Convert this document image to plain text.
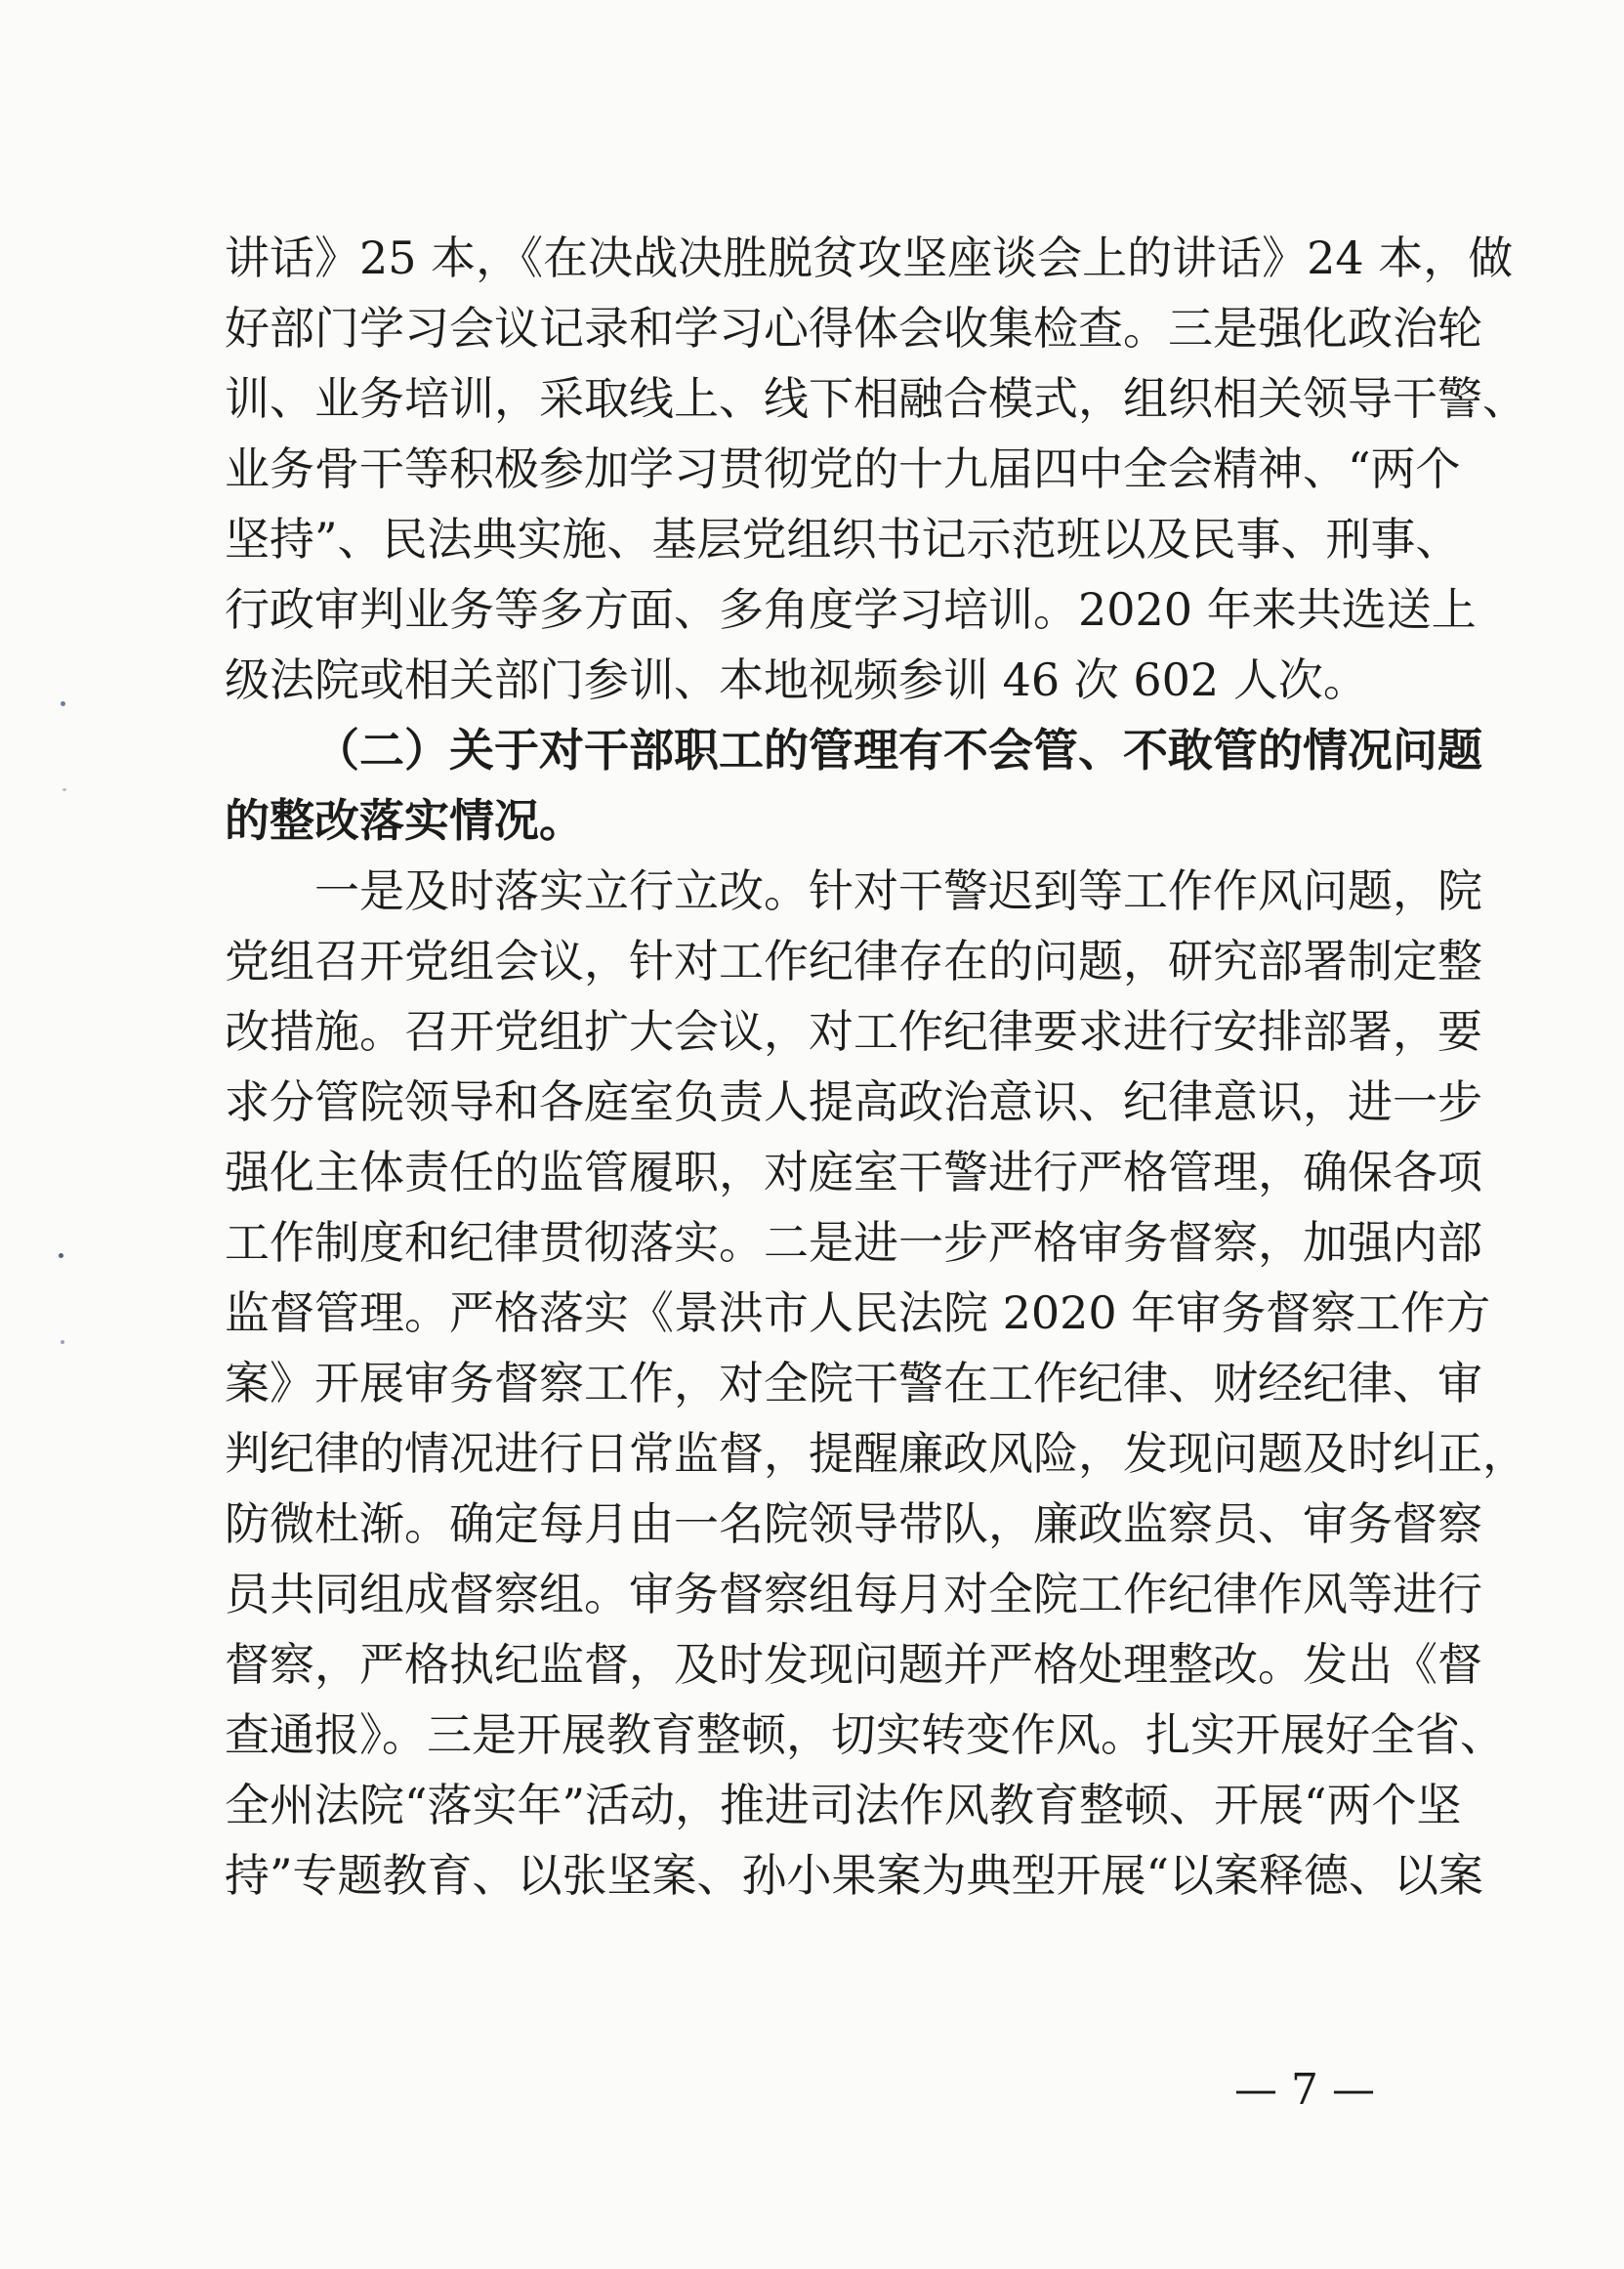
讲话》25 本，《在决战决胜脱贫攻坚座谈会上的讲话》24 本，做
好部门学习会议记录和学习心得体会收集检查。三是强化政治轮
训、业务培训，采取线上、线下相融合模式，组织相关领导干警、
业务骨干等积极参加学习贯彻党的十九届四中全会精神、“两个
坚持”、民法典实施、基层党组织书记示范班以及民事、刑事、
行政审判业务等多方面、多角度学习培训。2020 年来共选送上
级法院或相关部门参训、本地视频参训 46 次 602 人次。
（二）关于对干部职工的管理有不会管、不敢管的情况问题
的整改落实情况。
一是及时落实立行立改。针对干警迟到等工作作风问题，院
党组召开党组会议，针对工作纪律存在的问题，研究部署制定整
改措施。召开党组扩大会议，对工作纪律要求进行安排部署，要
求分管院领导和各庭室负责人提高政治意识、纪律意识，进一步
强化主体责任的监管履职，对庭室干警进行严格管理，确保各项
工作制度和纪律贯彻落实。二是进一步严格审务督察，加强内部
监督管理。严格落实《景洪市人民法院 2020 年审务督察工作方
案》开展审务督察工作，对全院干警在工作纪律、财经纪律、审
判纪律的情况进行日常监督，提醒廉政风险，发现问题及时纠正，
防微杜渐。确定每月由一名院领导带队，廉政监察员、审务督察
员共同组成督察组。审务督察组每月对全院工作纪律作风等进行
督察，严格执纪监督，及时发现问题并严格处理整改。发出《督
查通报》。三是开展教育整顿，切实转变作风。扎实开展好全省、
全州法院“落实年”活动，推进司法作风教育整顿、开展“两个坚
持”专题教育、以张坚案、孙小果案为典型开展“以案释德、以案
— 7 —
